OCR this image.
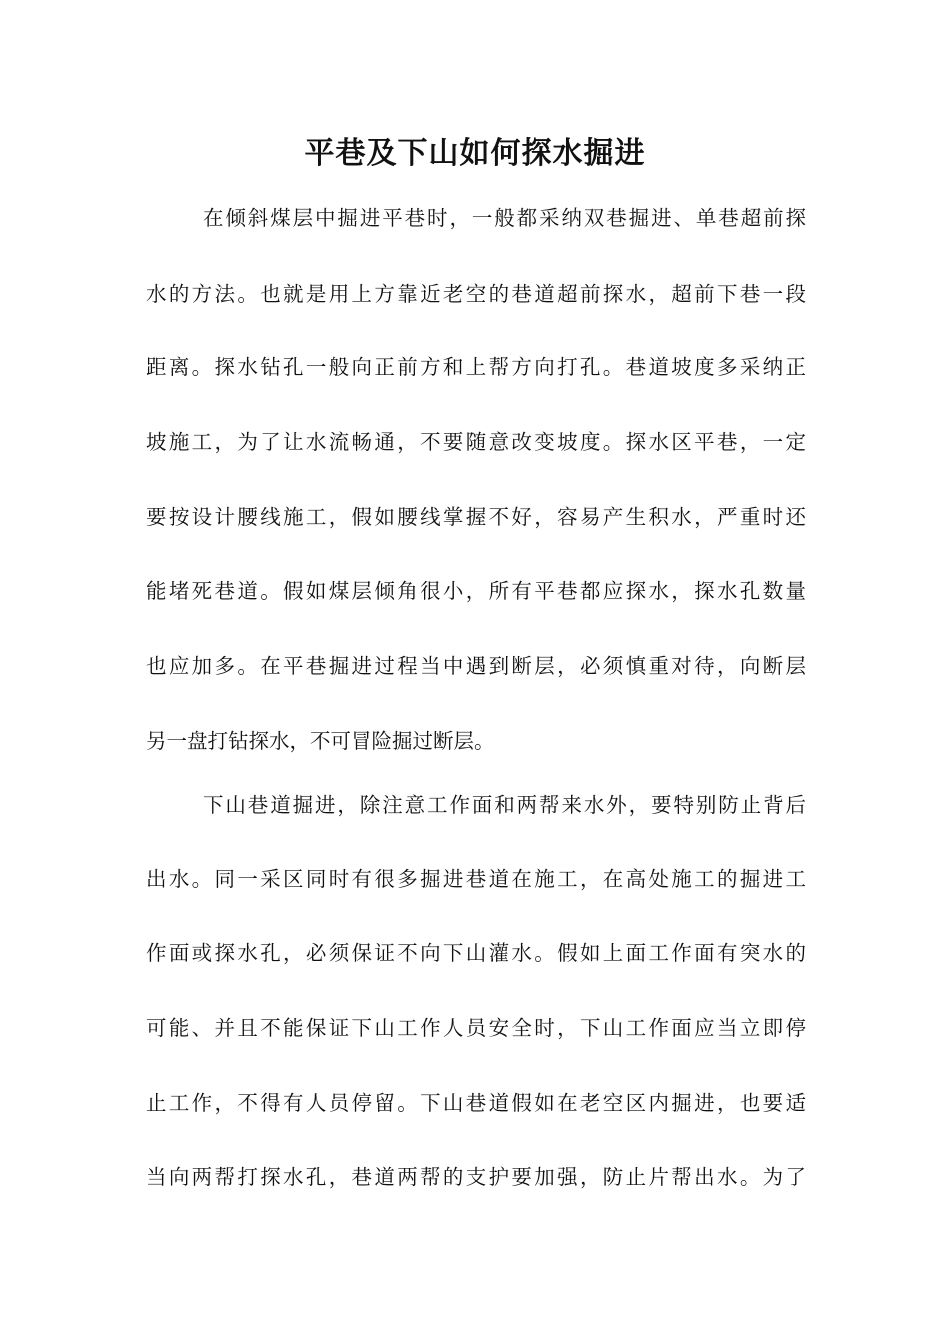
平巷及下山如何探水掘进

在倾斜煤层中掘进平巷时，一般都采纳双巷掘进、单巷超前探

水的方法。也就是用上方靠近老空的巷道超前探水，超前下巷一段

距离。探水钻孔一般向正前方和上帮方向打孔。巷道坡度多采纳正

坡施工，为了让水流畅通，不要随意改变坡度。探水区平巷，一定

要按设计腰线施工，假如腰线掌握不好，容易产生积水，严重时还

能堵死巷道。假如煤层倾角很小，所有平巷都应探水，探水孔数量

也应加多。在平巷掘进过程当中遇到断层，必须慎重对待，向断层

另一盘打钻探水，不可冒险掘过断层。

下山巷道掘进，除注意工作面和两帮来水外，要特别防止背后

出水。同一采区同时有很多掘进巷道在施工，在高处施工的掘进工

作面或探水孔，必须保证不向下山灌水。假如上面工作面有突水的

可能、并且不能保证下山工作人员安全时，下山工作面应当立即停

止工作，不得有人员停留。下山巷道假如在老空区内掘进，也要适

当向两帮打探水孔，巷道两帮的支护要加强，防止片帮出水。为了
